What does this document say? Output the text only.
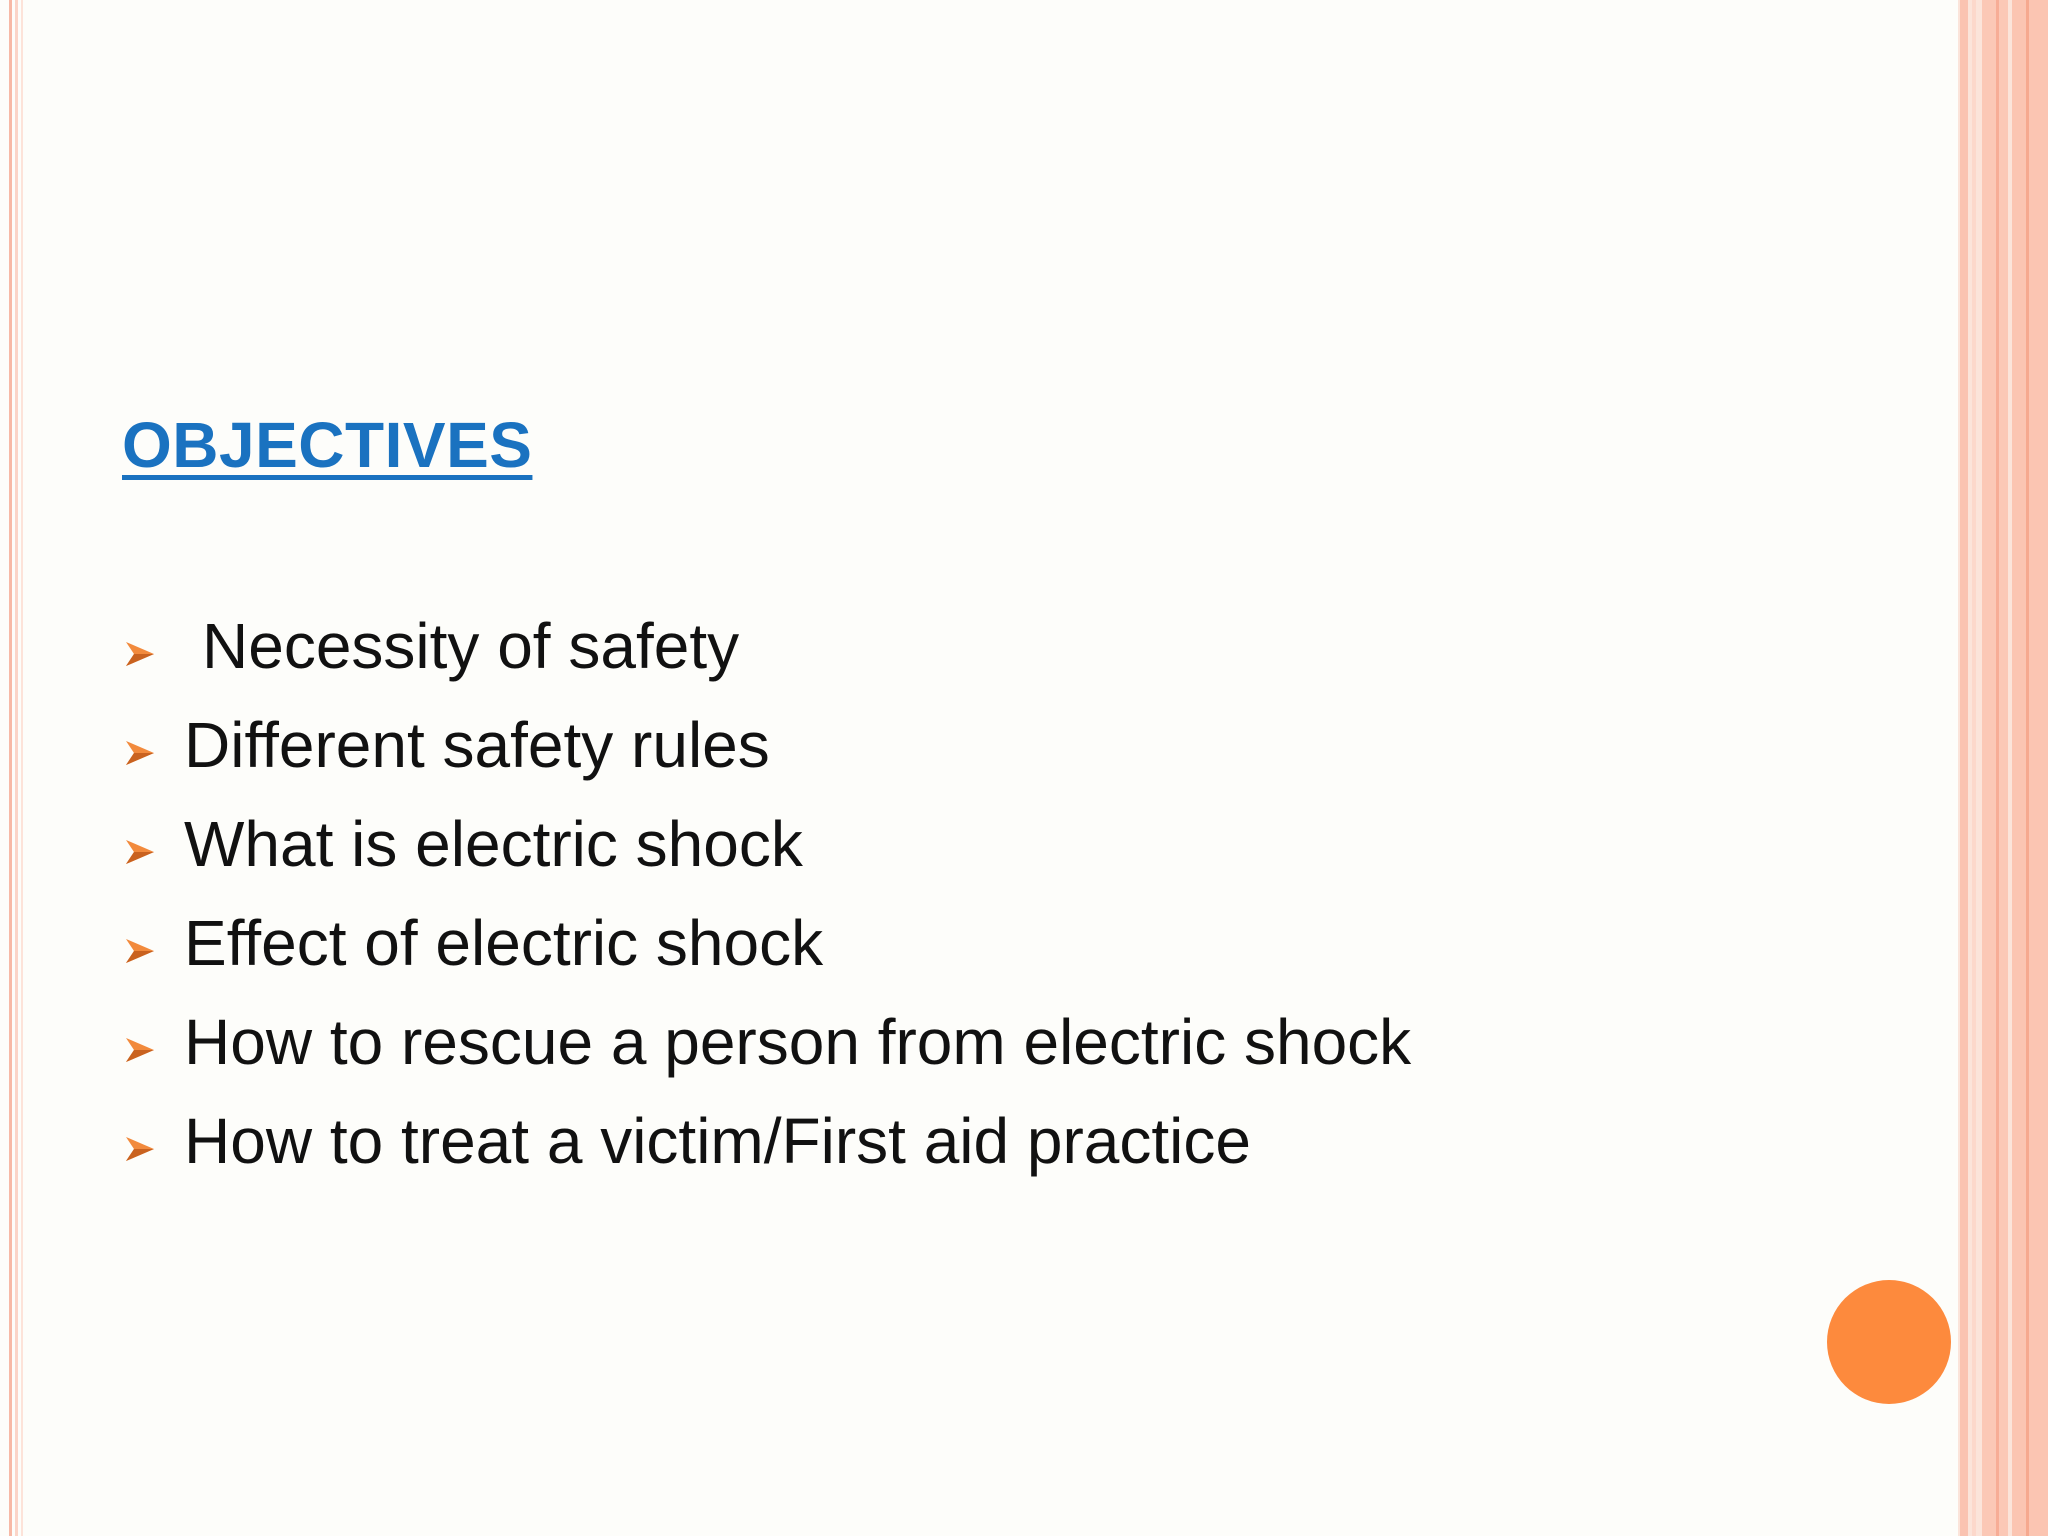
OBJECTIVES
Necessity of safety
Different safety rules
What is electric shock
Effect of electric shock
How to rescue a person from electric shock
How to treat a victim/First aid practice
